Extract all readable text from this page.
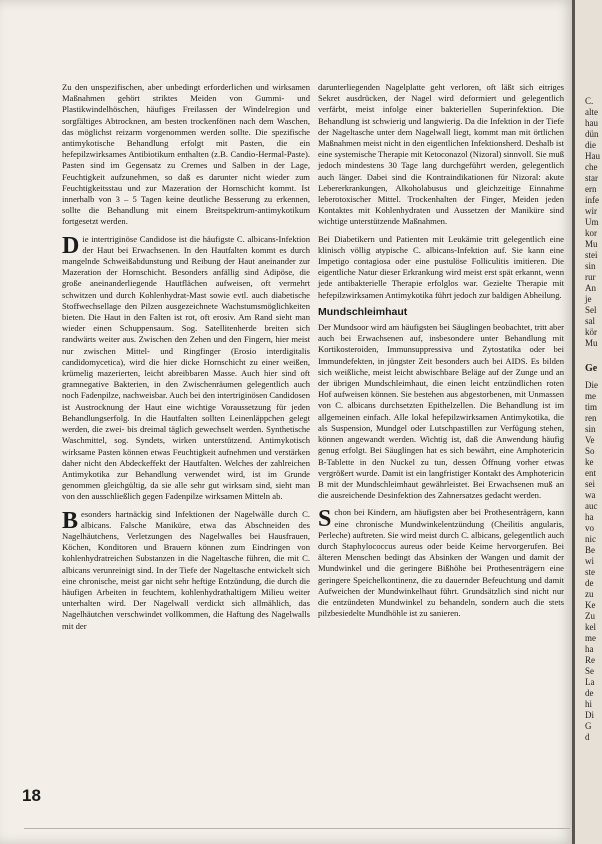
Zu den unspezifischen, aber unbedingt erforderlichen und wirksamen Maßnahmen gehört striktes Meiden von Gummi- und Plastikwindelhöschen, häufiges Freilassen der Windelregion und sorgfältiges Abtrocknen, am besten trockenfönen nach dem Waschen, das möglichst reizarm vorgenommen werden sollte. Die spezifische antimykotische Behandlung erfolgt mit Pasten, die ein hefepilzwirksames Antibiotikum enthalten (z.B. Candio-Hermal-Paste). Pasten sind im Gegensatz zu Cremes und Salben in der Lage, Feuchtigkeit aufzunehmen, so daß es darunter nicht wieder zum Feuchtigkeitsstau und zur Mazeration der Hornschicht kommt. Ist innerhalb von 3 – 5 Tagen keine deutliche Besserung zu erkennen, sollte die Behandlung mit einem Breitspektrum-antimykotikum fortgesetzt werden.

Die intertriginöse Candidose ist die häufigste C. albicans-Infektion der Haut bei Erwachsenen. In den Hautfalten kommt es durch mangelnde Schweißabdunstung und Reibung der Haut aneinander zur Mazeration der Hornschicht. Besonders anfällig sind Adipöse, die große aneinanderliegende Hautflächen aufweisen, oft vermehrt schwitzen und durch Kohlenhydrat-Mast sowie evtl. auch diabetische Stoffwechsellage den Pilzen ausgezeichnete Wachstumsmöglichkeiten bieten. Die Haut in den Falten ist rot, oft erosiv. Am Rand sieht man wieder einen Schuppensaum. Sog. Satellitenherde breiten sich randwärts weiter aus. Zwischen den Zehen und den Fingern, hier meist nur zwischen Mittel- und Ringfinger (Erosio interdigitalis candidomycetica), wird die hier dicke Hornschicht zu einer weißen, krümelig mazerierten, leicht abreibbaren Masse. Auch hier sind oft gramnegative Bakterien, in den Zwischenräumen gelegentlich auch noch Fadenpilze, nachweisbar. Auch bei den intertriginösen Candidosen ist Austrocknung der Haut eine wichtige Voraussetzung für jeden Behandlungserfolg. In die Hautfalten sollten Leinenläppchen gelegt werden, die zwei- bis dreimal täglich gewechselt werden. Synthetische Waschmittel, sog. Syndets, wirken unterstützend. Antimykotisch wirksame Pasten können etwas Feuchtigkeit aufnehmen und verstärken daher nicht den Abdeckeffekt der Hautfalten. Welches der zahlreichen Antimykotika zur Behandlung verwendet wird, ist im Grunde genommen gleichgültig, da sie alle sehr gut wirksam sind, sieht man von den ausschließlich gegen Fadenpilze wirksamen Mitteln ab.

Besonders hartnäckig sind Infektionen der Nagelwälle durch C. albicans. Falsche Maniküre, etwa das Abschneiden des Nagelhäutchens, Verletzungen des Nagelwalles bei Hausfrauen, Köchen, Konditoren und Brauern können zum Eindringen von kohlenhydratreichen Substanzen in die Nageltasche führen, die mit C. albicans verunreinigt sind. In der Tiefe der Nageltasche entwickelt sich eine chronische, meist gar nicht sehr heftige Entzündung, die durch die häufigen Arbeiten in feuchtem, kohlenhydrathaltigem Milieu weiter unterhalten wird. Der Nagelwall verdickt sich allmählich, das Nagelhäutchen verschwindet vollkommen, die Haftung des Nagelwalls mit der

darunterliegenden Nagelplatte geht verloren, oft läßt sich eitriges Sekret ausdrücken, der Nagel wird deformiert und gelegentlich verfärbt, meist infolge einer bakteriellen Superinfektion. Die Behandlung ist schwierig und langwierig. Da die Infektion in der Tiefe der Nageltasche unter dem Nagelwall liegt, kommt man mit örtlichen Maßnahmen meist nicht in den eigentlichen Infektionsherd. Deshalb ist eine systemische Therapie mit Ketoconazol (Nizoral) sinnvoll. Sie muß jedoch mindestens 30 Tage lang durchgeführt werden, gelegentlich auch länger. Dabei sind die Kontraindikationen für Nizoral: akute Lebererkrankungen, Alkoholabusus und gleichzeitige Einnahme leberotoxischer Mittel. Trockenhalten der Finger, Meiden jeden Kontaktes mit Kohlenhydraten und Aussetzen der Maniküre sind wichtige unterstützende Maßnahmen.

Bei Diabetikern und Patienten mit Leukämie tritt gelegentlich eine klinisch völlig atypische C. albicans-Infektion auf. Sie kann eine Impetigo contagiosa oder eine pustulöse Folliculitis imitieren. Die eigentliche Natur dieser Erkrankung wird meist erst spät erkannt, wenn jede antibakterielle Therapie erfolglos war. Gezielte Therapie mit hefepilzwirksamen Antimykotika führt jedoch zur baldigen Abheilung.

Mundschleimhaut

Der Mundsoor wird am häufigsten bei Säuglingen beobachtet, tritt aber auch bei Erwachsenen auf, insbesondere unter Behandlung mit Kortikosteroiden, Immunsuppressiva und Zytostatika oder bei Immundefekten, in jüngster Zeit besonders auch bei AIDS. Es bilden sich weißliche, meist leicht abwischbare Beläge auf der Zunge und an der übrigen Mundschleimhaut, die einen leicht entzündlichen roten Hof aufweisen können. Sie bestehen aus abgestorbenen, mit Unmassen von C. albicans durchsetzten Epithelzellen. Die Behandlung ist im allgemeinen einfach. Alle lokal hefepilzwirksamen Antimykotika, die als Suspension, Mundgel oder Lutschpastillen zur Verfügung stehen, können angewandt werden. Wichtig ist, daß die Anwendung häufig genug erfolgt. Bei Säuglingen hat es sich bewährt, eine Amphotericin B-Tablette in den Nuckel zu tun, dessen Öffnung vorher etwas vergrößert wurde. Damit ist ein langfristiger Kontakt des Amphotericin B mit der Mundschleimhaut gewährleistet. Bei Erwachsenen muß an die ausreichende Desinfektion des Zahnersatzes gedacht werden.

Schon bei Kindern, am häufigsten aber bei Prothesenträgern, kann eine chronische Mundwinkelentzündung (Cheilitis angularis, Perleche) auftreten. Sie wird meist durch C. albicans, gelegentlich auch durch Staphylococcus aureus oder beide Keime hervorgerufen. Bei älteren Menschen bedingt das Absinken der Wangen und damit der Mundwinkel und die geringere Bißhöhe bei Prothesenträgern eine geringere Speichelkontinenz, die zu dauernder Befeuchtung und damit Aufweichen der Mundwinkelhaut führt. Grundsätzlich sind nicht nur die entzündeten Mundwinkel zu behandeln, sondern auch die stets pilzbesiedelte Mundhöhle ist zu sanieren.

18
C.
alte
hau
dün
die
Hau
che
star
ern
infe
wir
Um
kor
Mu
stei
sin
rur
An
je
Sel
sal
kör
Mu
Ge
Die
me
tim
ren
sin
Ve
So
ke
ent
sei
wa
auc
ha
vo
nic
Be
wi
ste
de
zu
Ke
Zu
kel
me
ha
Re
Se
La
de
hi
Di
G
d
